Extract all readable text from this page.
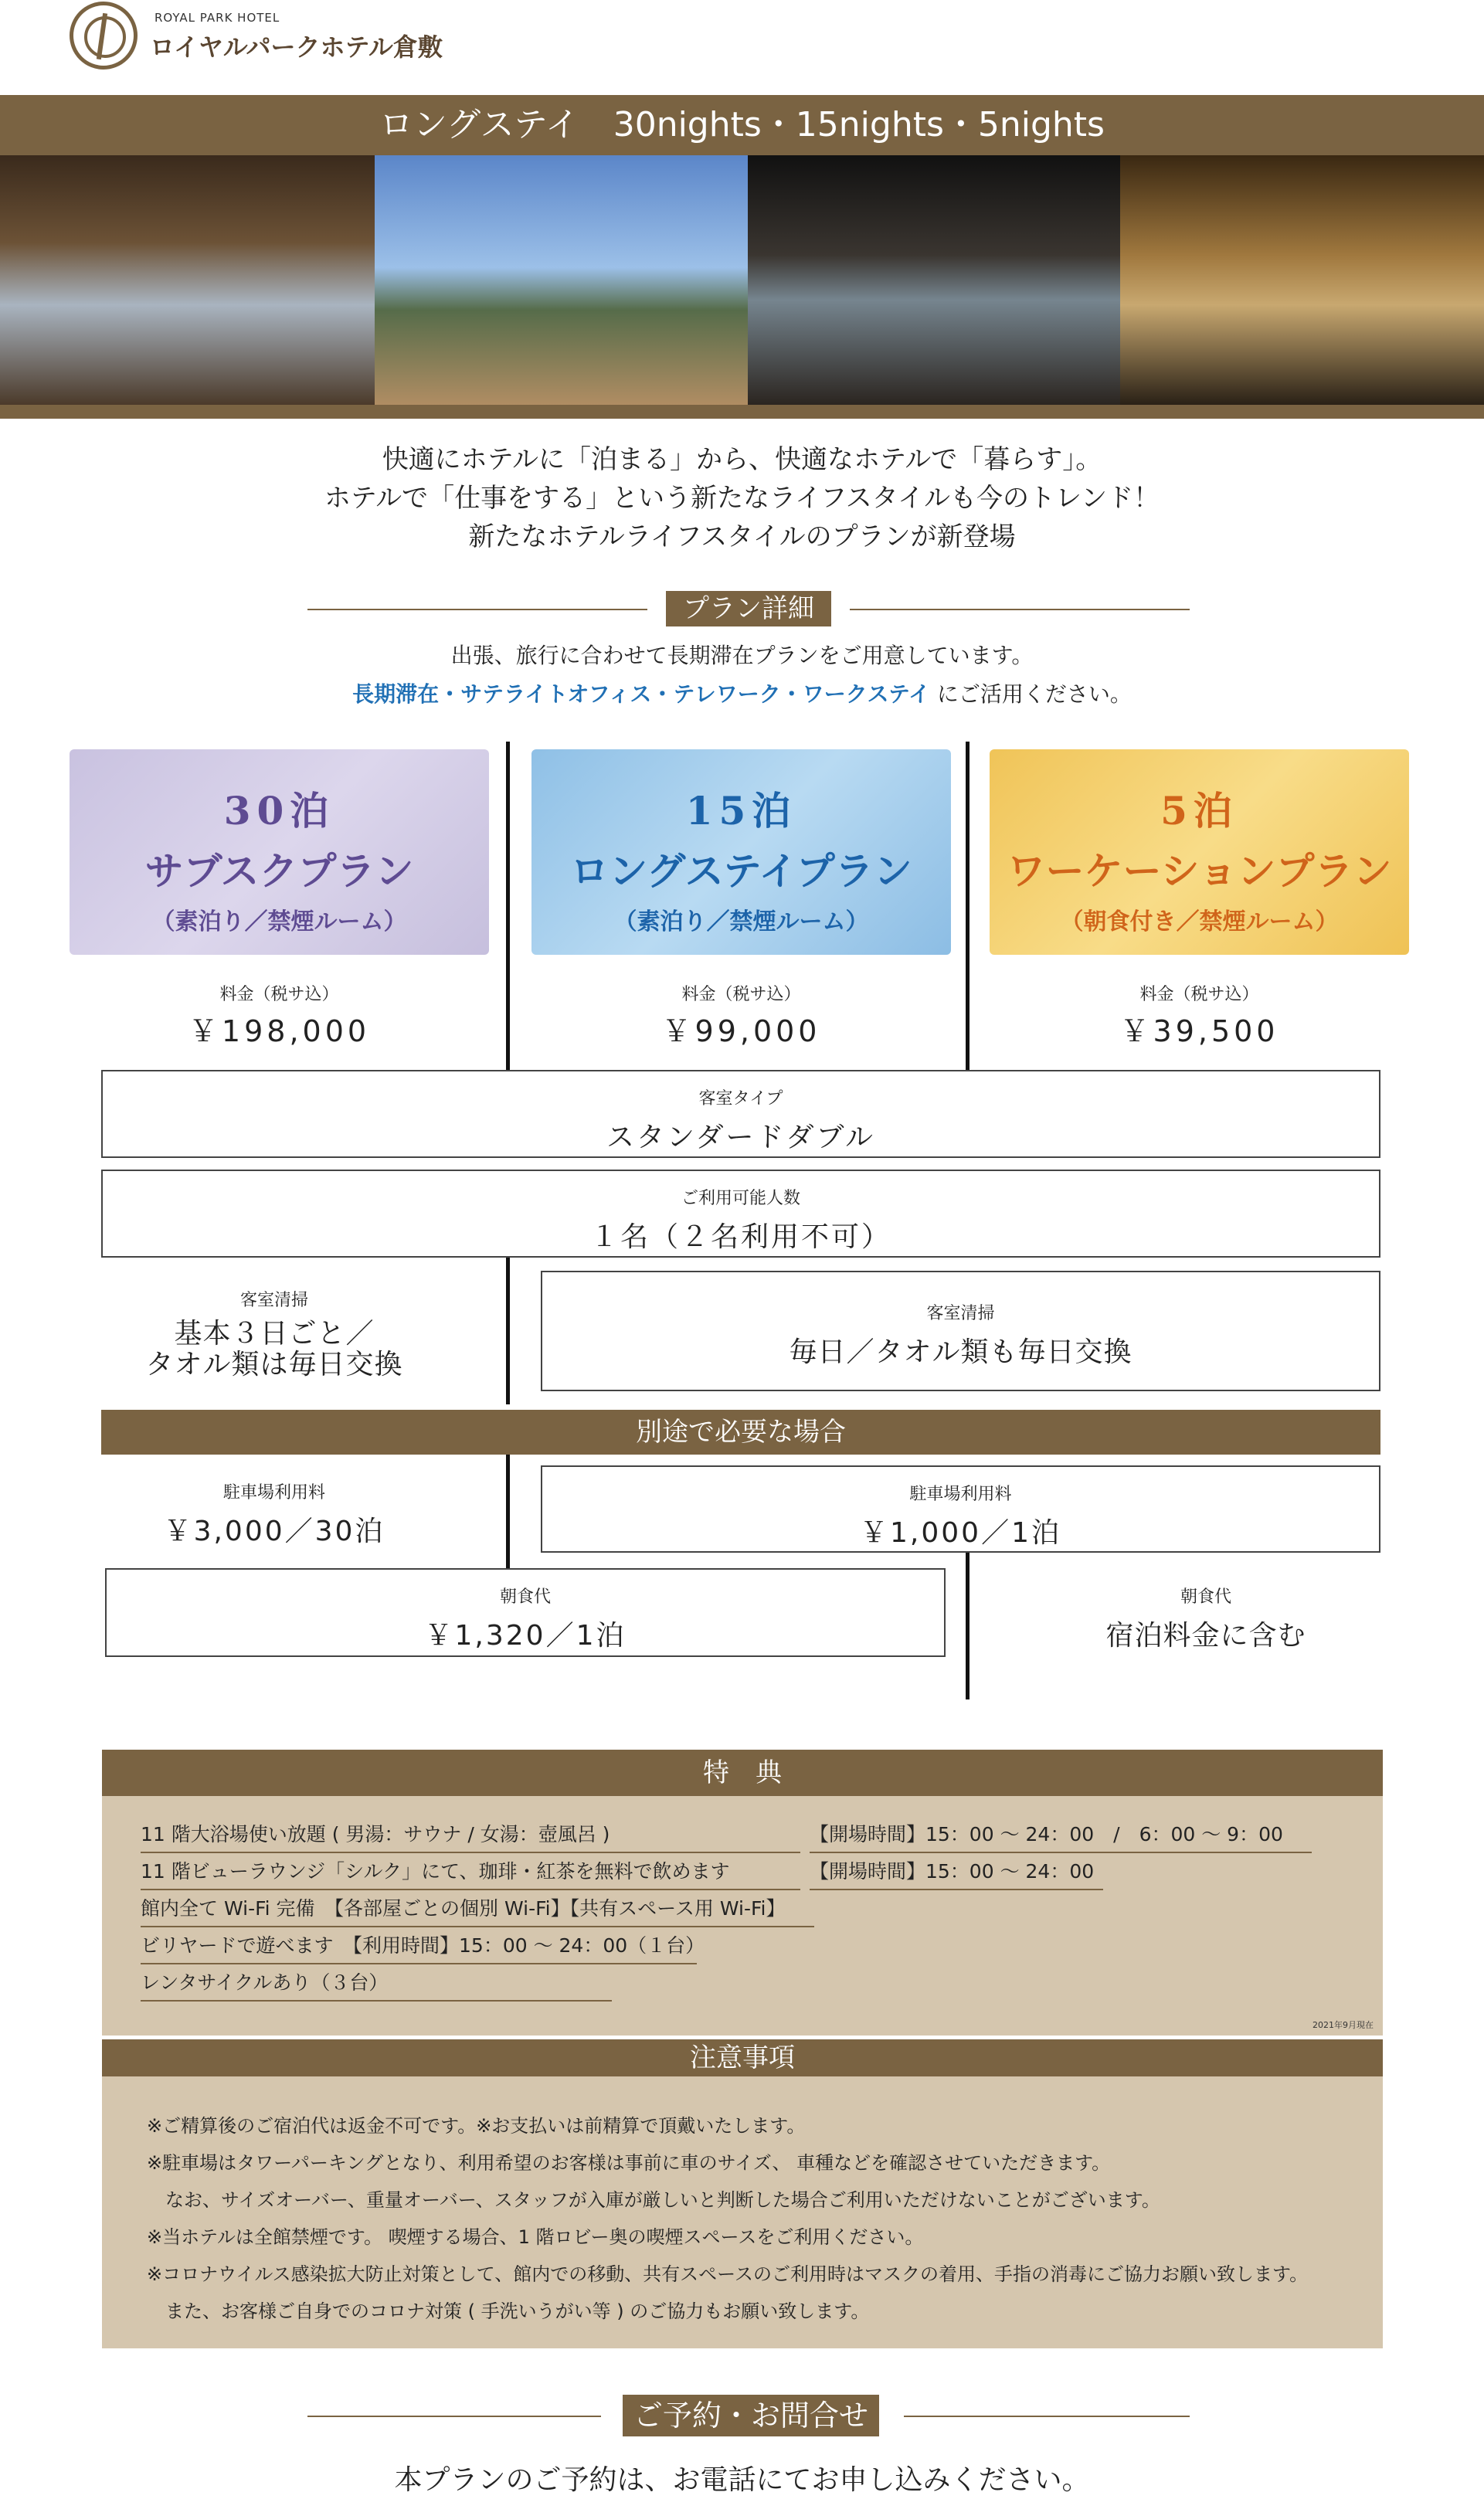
ROYAL PARK HOTEL
ロイヤルパークホテル倉敷
ロングステイ　30nights・15nights・5nights
快適にホテルに「泊まる」から、快適なホテルで「暮らす」。
ホテルで「仕事をする」という新たなライフスタイルも今のトレンド！
新たなホテルライフスタイルのプランが新登場
プラン詳細
出張、旅行に合わせて長期滞在プランをご用意しています。
長期滞在・サテライトオフィス・テレワーク・ワークステイ にご活用ください。
30泊
サブスクプラン
（素泊り／禁煙ルーム）
15泊
ロングステイプラン
（素泊り／禁煙ルーム）
5泊
ワーケーションプラン
（朝食付き／禁煙ルーム）
料金（税サ込）
￥198,000
料金（税サ込）
￥99,000
料金（税サ込）
￥39,500
客室タイプ
スタンダードダブル
ご利用可能人数
１名（２名利用不可）
客室清掃
基本３日ごと／
タオル類は毎日交換
客室清掃
毎日／タオル類も毎日交換
別途で必要な場合
駐車場利用料
￥3,000／30泊
駐車場利用料
￥1,000／1泊
朝食代
￥1,320／1泊
朝食代
宿泊料金に含む
特　典
11 階大浴場使い放題 ( 男湯：サウナ / 女湯：壺風呂 )	【開場時間】15：00 ～ 24：00　/　6：00 ～ 9：00
11 階ビューラウンジ「シルク」にて、珈琲・紅茶を無料で飲めます	【開場時間】15：00 ～ 24：00
館内全て Wi-Fi 完備　【各部屋ごとの個別 Wi-Fi】【共有スペース用 Wi-Fi】
ビリヤードで遊べます　【利用時間】15：00 ～ 24：00（１台）
レンタサイクルあり（３台）
2021年9月現在
注意事項
※ご精算後のご宿泊代は返金不可です。※お支払いは前精算で頂戴いたします。
※駐車場はタワーパーキングとなり、利用希望のお客様は事前に車のサイズ、 車種などを確認させていただきます。
　なお、サイズオーバー、重量オーバー、スタッフが入庫が厳しいと判断した場合ご利用いただけないことがございます。
※当ホテルは全館禁煙です。 喫煙する場合、1 階ロビー奥の喫煙スペースをご利用ください。
※コロナウイルス感染拡大防止対策として、館内での移動、共有スペースのご利用時はマスクの着用、手指の消毒にご協力お願い致します。
　また、お客様ご自身でのコロナ対策 ( 手洗いうがい等 ) のご協力もお願い致します。
ご予約・お問合せ
本プランのご予約は、お電話にてお申し込みください。
